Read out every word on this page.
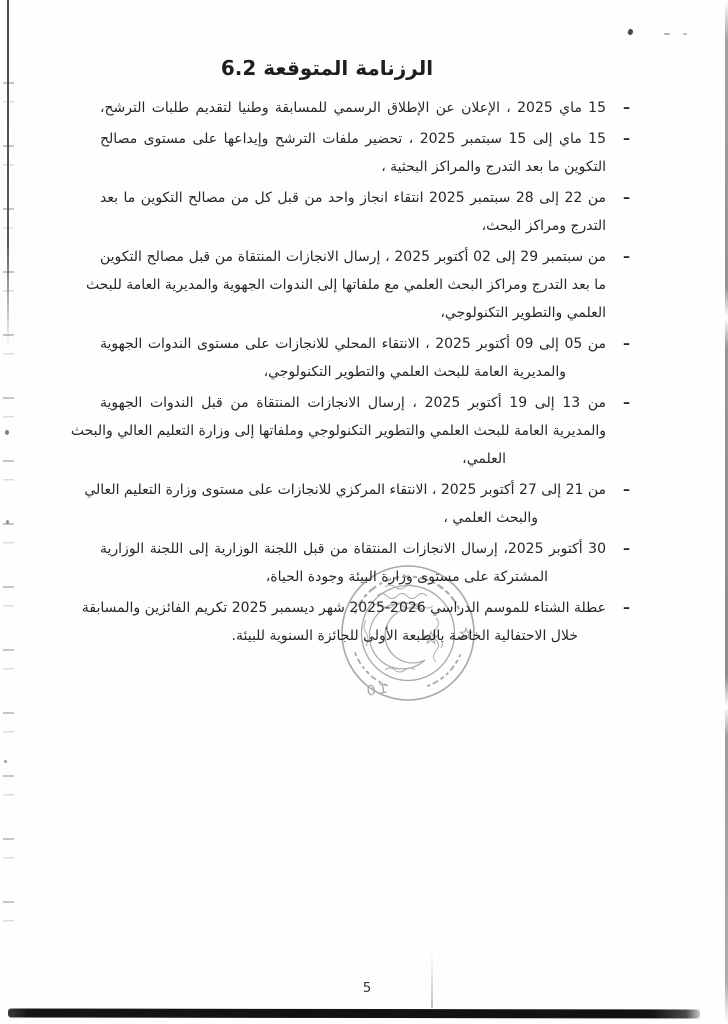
الرزنامة المتوقعة 6.2
–
15 ماي 2025 ، الإعلان عن الإطلاق الرسمي للمسابقة وطنيا لتقديم طلبات الترشح،
–
15 ماي إلى 15 سبتمبر 2025 ، تحضير ملفات الترشح وإيداعها على مستوى مصالح
التكوين ما بعد التدرج والمراكز البحثية ،
–
من 22 إلى 28 سبتمبر 2025 انتقاء انجاز واحد من قبل كل من مصالح التكوين ما بعد
التدرج ومراكز البحث،
–
من سبتمبر 29 إلى 02 أكتوبر 2025 ، إرسال الانجازات المنتقاة من قبل مصالح التكوين
ما بعد التدرج ومراكز البحث العلمي مع ملفاتها إلى الندوات الجهوية والمديرية العامة للبحث
العلمي والتطوير التكنولوجي،
–
من 05 إلى 09 أكتوبر 2025 ، الانتقاء المحلي للانجازات على مستوى الندوات الجهوية
والمديرية العامة للبحث العلمي والتطوير التكنولوجي،
–
من 13 إلى 19 أكتوبر 2025 ، إرسال الانجازات المنتقاة من قبل الندوات الجهوية
والمديرية العامة للبحث العلمي والتطوير التكنولوجي وملفاتها إلى وزارة التعليم العالي والبحث
العلمي،
–
من 21 إلى 27 أكتوبر 2025 ، الانتقاء المركزي للانجازات على مستوى وزارة التعليم العالي
والبحث العلمي ،
–
30 أكتوبر 2025، إرسال الانجازات المنتقاة من قبل اللجنة الوزارية إلى اللجنة الوزارية
المشتركة على مستوى وزارة البيئة وجودة الحياة،
–
عطلة الشتاء للموسم الدراسي 2026-2025 شهر ديسمبر 2025 تكريم الفائزين والمسابقة
خلال الاحتفالية الخاصة بالطبعة الأولى للجائزة السنوية للبيئة.
01
5
